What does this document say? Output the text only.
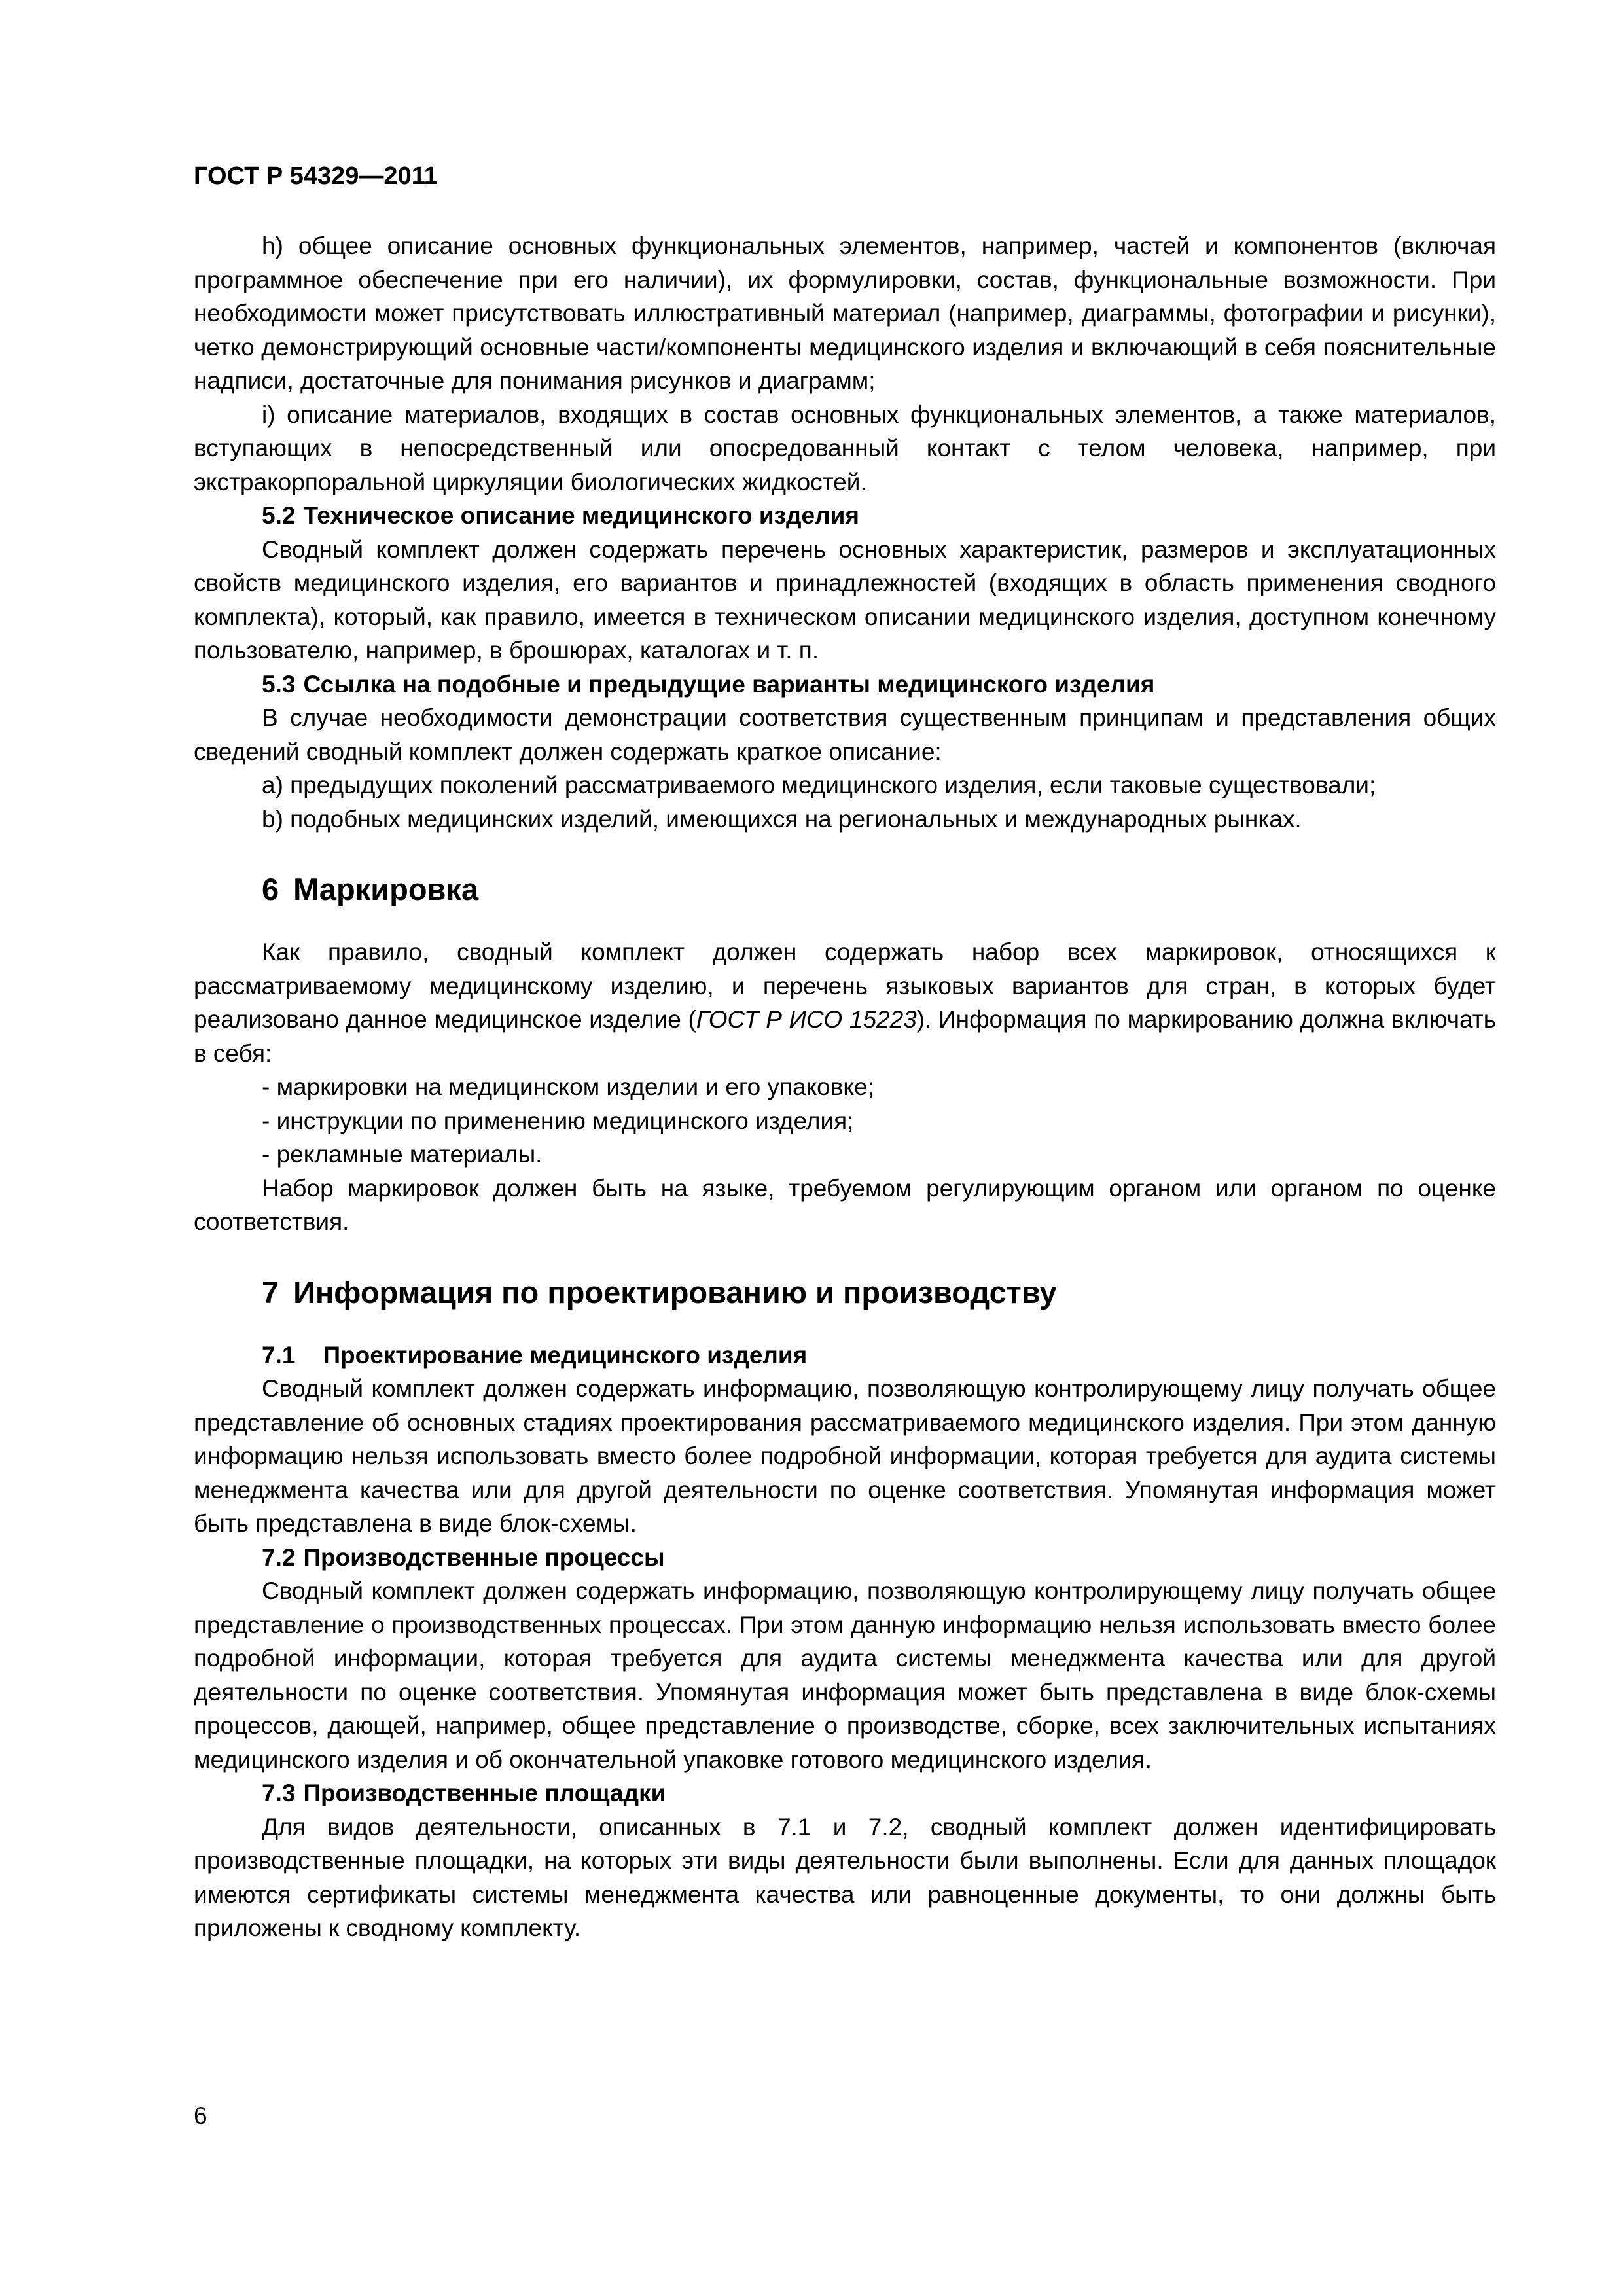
ГОСТ Р 54329—2011

h) общее описание основных функциональных элементов, например, частей и компонентов (включая программное обеспечение при его наличии), их формулировки, состав, функциональные возможности. При необходимости может присутствовать иллюстративный материал (например, диаграммы, фотографии и рисунки), четко демонстрирующий основные части/компоненты медицинского изделия и включающий в себя пояснительные надписи, достаточные для понимания рисунков и диаграмм;

i) описание материалов, входящих в состав основных функциональных элементов, а также материалов, вступающих в непосредственный или опосредованный контакт с телом человека, например, при экстракорпоральной циркуляции биологических жидкостей.

5.2 Техническое описание медицинского изделия

Сводный комплект должен содержать перечень основных характеристик, размеров и эксплуатационных свойств медицинского изделия, его вариантов и принадлежностей (входящих в область применения сводного комплекта), который, как правило, имеется в техническом описании медицинского изделия, доступном конечному пользователю, например, в брошюрах, каталогах и т. п.

5.3 Ссылка на подобные и предыдущие варианты медицинского изделия

В случае необходимости демонстрации соответствия существенным принципам и представления общих сведений сводный комплект должен содержать краткое описание:

a) предыдущих поколений рассматриваемого медицинского изделия, если таковые существовали;

b) подобных медицинских изделий, имеющихся на региональных и международных рынках.

6 Маркировка

Как правило, сводный комплект должен содержать набор всех маркировок, относящихся к рассматриваемому медицинскому изделию, и перечень языковых вариантов для стран, в которых будет реализовано данное медицинское изделие (ГОСТ Р ИСО 15223). Информация по маркированию должна включать в себя:

- маркировки на медицинском изделии и его упаковке;

- инструкции по применению медицинского изделия;

- рекламные материалы.

Набор маркировок должен быть на языке, требуемом регулирующим органом или органом по оценке соответствия.

7 Информация по проектированию и производству
7.1 Проектирование медицинского изделия

Сводный комплект должен содержать информацию, позволяющую контролирующему лицу получать общее представление об основных стадиях проектирования рассматриваемого медицинского изделия. При этом данную информацию нельзя использовать вместо более подробной информации, которая требуется для аудита системы менеджмента качества или для другой деятельности по оценке соответствия. Упомянутая информация может быть представлена в виде блок-схемы.

7.2 Производственные процессы

Сводный комплект должен содержать информацию, позволяющую контролирующему лицу получать общее представление о производственных процессах. При этом данную информацию нельзя использовать вместо более подробной информации, которая требуется для аудита системы менеджмента качества или для другой деятельности по оценке соответствия. Упомянутая информация может быть представлена в виде блок-схемы процессов, дающей, например, общее представление о производстве, сборке, всех заключительных испытаниях медицинского изделия и об окончательной упаковке готового медицинского изделия.

7.3 Производственные площадки

Для видов деятельности, описанных в 7.1 и 7.2, сводный комплект должен идентифицировать производственные площадки, на которых эти виды деятельности были выполнены. Если для данных площадок имеются сертификаты системы менеджмента качества или равноценные документы, то они должны быть приложены к сводному комплекту.

6
